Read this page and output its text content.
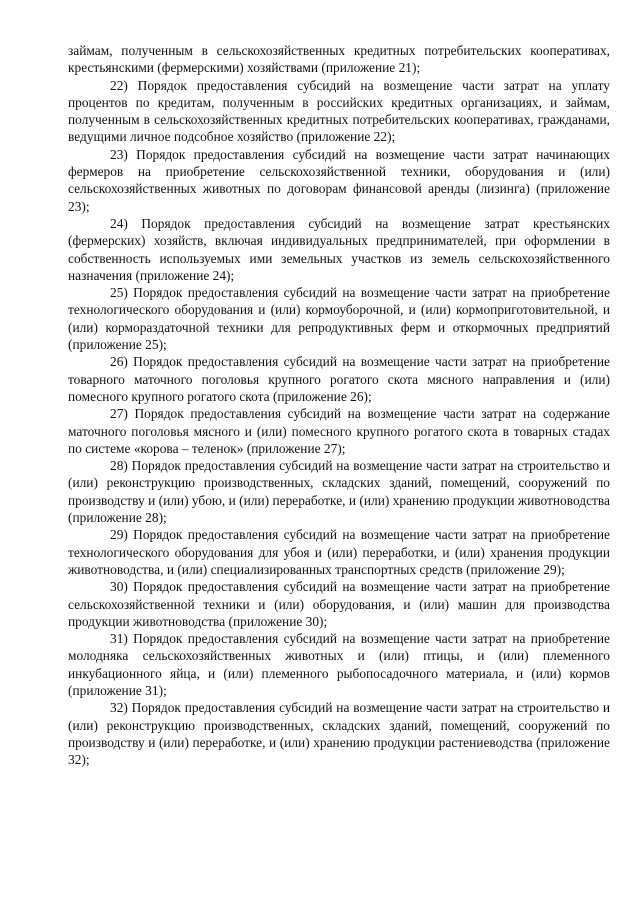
займам, полученным в сельскохозяйственных кредитных потребительских кооперативах, крестьянскими (фермерскими) хозяйствами (приложение 21);

22) Порядок предоставления субсидий на возмещение части затрат на уплату процентов по кредитам, полученным в российских кредитных организациях, и займам, полученным в сельскохозяйственных кредитных потребительских кооперативах, гражданами, ведущими личное подсобное хозяйство (приложение 22);

23) Порядок предоставления субсидий на возмещение части затрат начинающих фермеров на приобретение сельскохозяйственной техники, оборудования и (или) сельскохозяйственных животных по договорам финансовой аренды (лизинга) (приложение 23);

24) Порядок предоставления субсидий на возмещение затрат крестьянских (фермерских) хозяйств, включая индивидуальных предпринимателей, при оформлении в собственность используемых ими земельных участков из земель сельскохозяйственного назначения (приложение 24);

25) Порядок предоставления субсидий на возмещение части затрат на приобретение технологического оборудования и (или) кормоуборочной, и (или) кормоприготовительной, и (или) кормораздаточной техники для репродуктивных ферм и откормочных предприятий (приложение 25);

26) Порядок предоставления субсидий на возмещение части затрат на приобретение товарного маточного поголовья крупного рогатого скота мясного направления и (или) помесного крупного рогатого скота (приложение 26);

27) Порядок предоставления субсидий на возмещение части затрат на содержание маточного поголовья мясного и (или) помесного крупного рогатого скота в товарных стадах по системе «корова – теленок» (приложение 27);

28) Порядок предоставления субсидий на возмещение части затрат на строительство и (или) реконструкцию производственных, складских зданий, помещений, сооружений по производству и (или) убою, и (или) переработке, и (или) хранению продукции животноводства (приложение 28);

29) Порядок предоставления субсидий на возмещение части затрат на приобретение технологического оборудования для убоя и (или) переработки, и (или) хранения продукции животноводства, и (или) специализированных транспортных средств (приложение 29);

30) Порядок предоставления субсидий на возмещение части затрат на приобретение сельскохозяйственной техники и (или) оборудования, и (или) машин для производства продукции животноводства (приложение 30);

31) Порядок предоставления субсидий на возмещение части затрат на приобретение молодняка сельскохозяйственных животных и (или) птицы, и (или) племенного инкубационного яйца, и (или) племенного рыбопосадочного материала, и (или) кормов (приложение 31);

32) Порядок предоставления субсидий на возмещение части затрат на строительство и (или) реконструкцию производственных, складских зданий, помещений, сооружений по производству и (или) переработке, и (или) хранению продукции растениеводства (приложение 32);
